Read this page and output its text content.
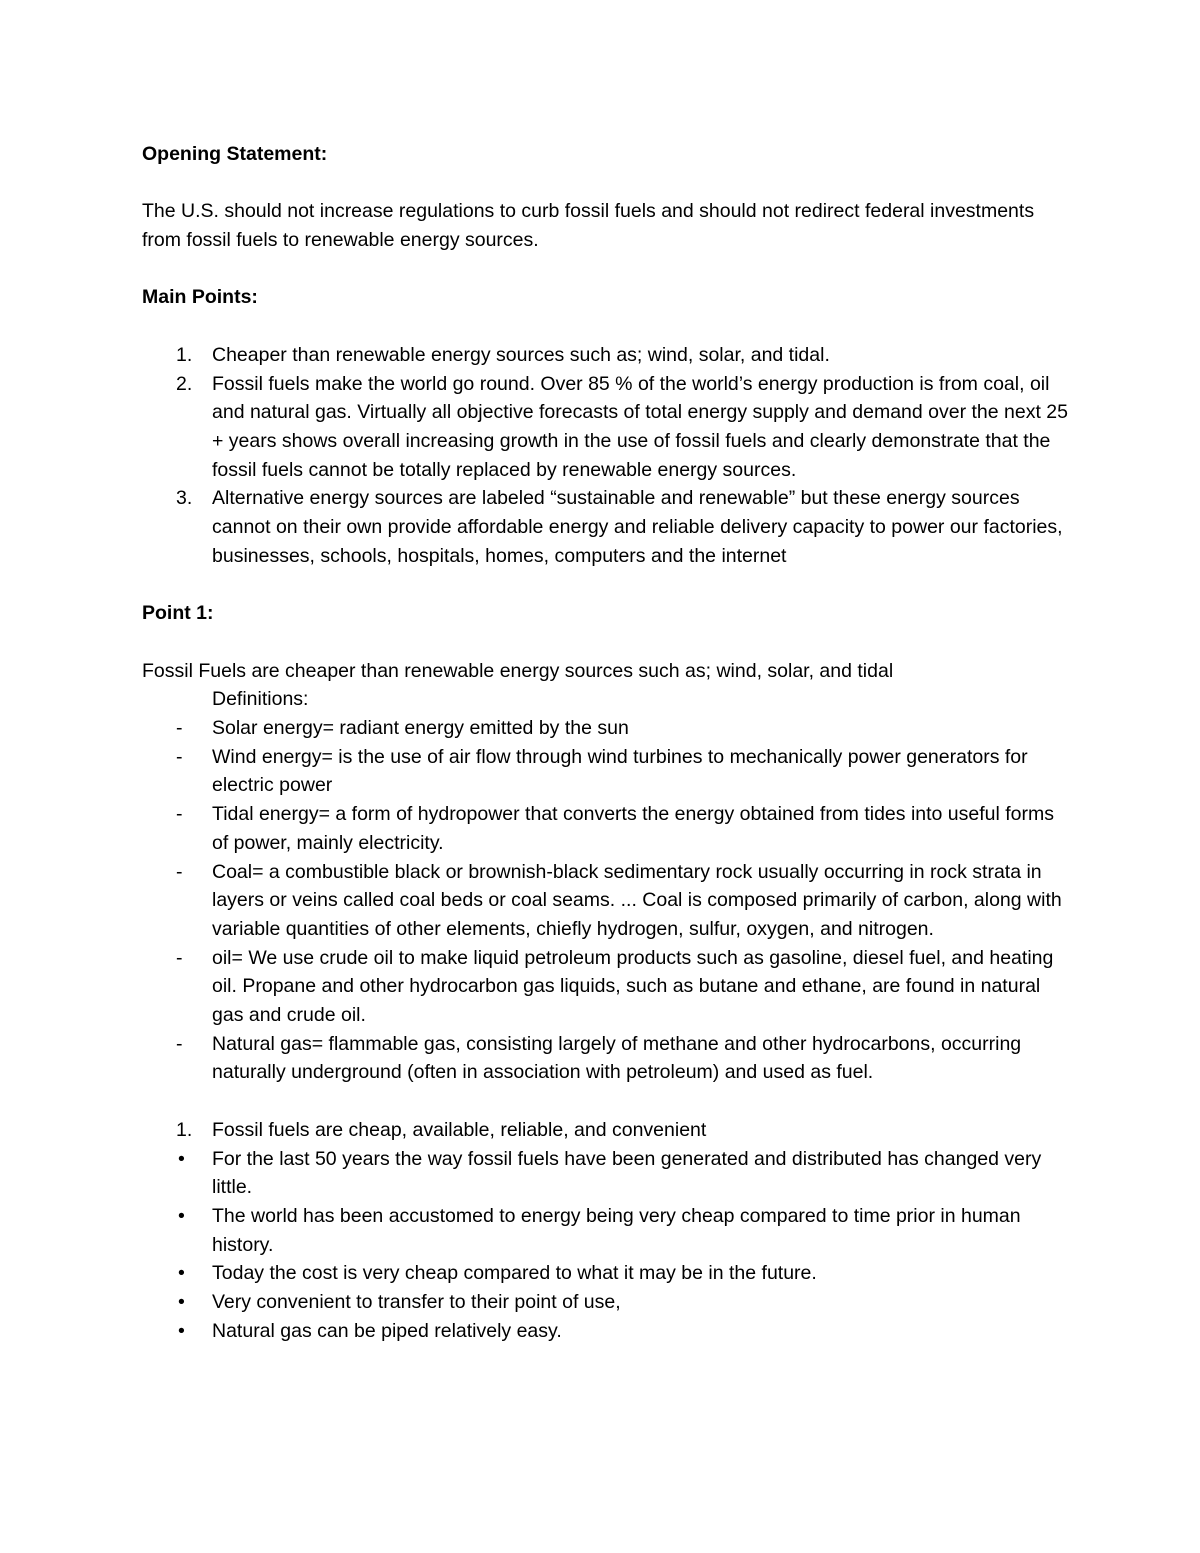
Opening Statement:

The U.S. should not increase regulations to curb fossil fuels and should not redirect federal investments from fossil fuels to renewable energy sources.

Main Points:

1. Cheaper than renewable energy sources such as; wind, solar, and tidal.
2. Fossil fuels make the world go round. Over 85 % of the world’s energy production is from coal, oil and natural gas. Virtually all objective forecasts of total energy supply and demand over the next 25 + years shows overall increasing growth in the use of fossil fuels and clearly demonstrate that the fossil fuels cannot be totally replaced by renewable energy sources.
3. Alternative energy sources are labeled “sustainable and renewable” but these energy sources cannot on their own provide affordable energy and reliable delivery capacity to power our factories, businesses, schools, hospitals, homes, computers and the internet

Point 1:

Fossil Fuels are cheaper than renewable energy sources such as; wind, solar, and tidal

Definitions:

- Solar energy= radiant energy emitted by the sun
- Wind energy= is the use of air flow through wind turbines to mechanically power generators for electric power
- Tidal energy= a form of hydropower that converts the energy obtained from tides into useful forms of power, mainly electricity.
- Coal= a combustible black or brownish-black sedimentary rock usually occurring in rock strata in layers or veins called coal beds or coal seams. ... Coal is composed primarily of carbon, along with variable quantities of other elements, chiefly hydrogen, sulfur, oxygen, and nitrogen.
- oil= We use crude oil to make liquid petroleum products such as gasoline, diesel fuel, and heating oil. Propane and other hydrocarbon gas liquids, such as butane and ethane, are found in natural gas and crude oil.
- Natural gas= flammable gas, consisting largely of methane and other hydrocarbons, occurring naturally underground (often in association with petroleum) and used as fuel.
1. Fossil fuels are cheap, available, reliable, and convenient
• For the last 50 years the way fossil fuels have been generated and distributed has changed very little.
• The world has been accustomed to energy being very cheap compared to time prior in human history.
• Today the cost is very cheap compared to what it may be in the future.
• Very convenient to transfer to their point of use,
• Natural gas can be piped relatively easy.
